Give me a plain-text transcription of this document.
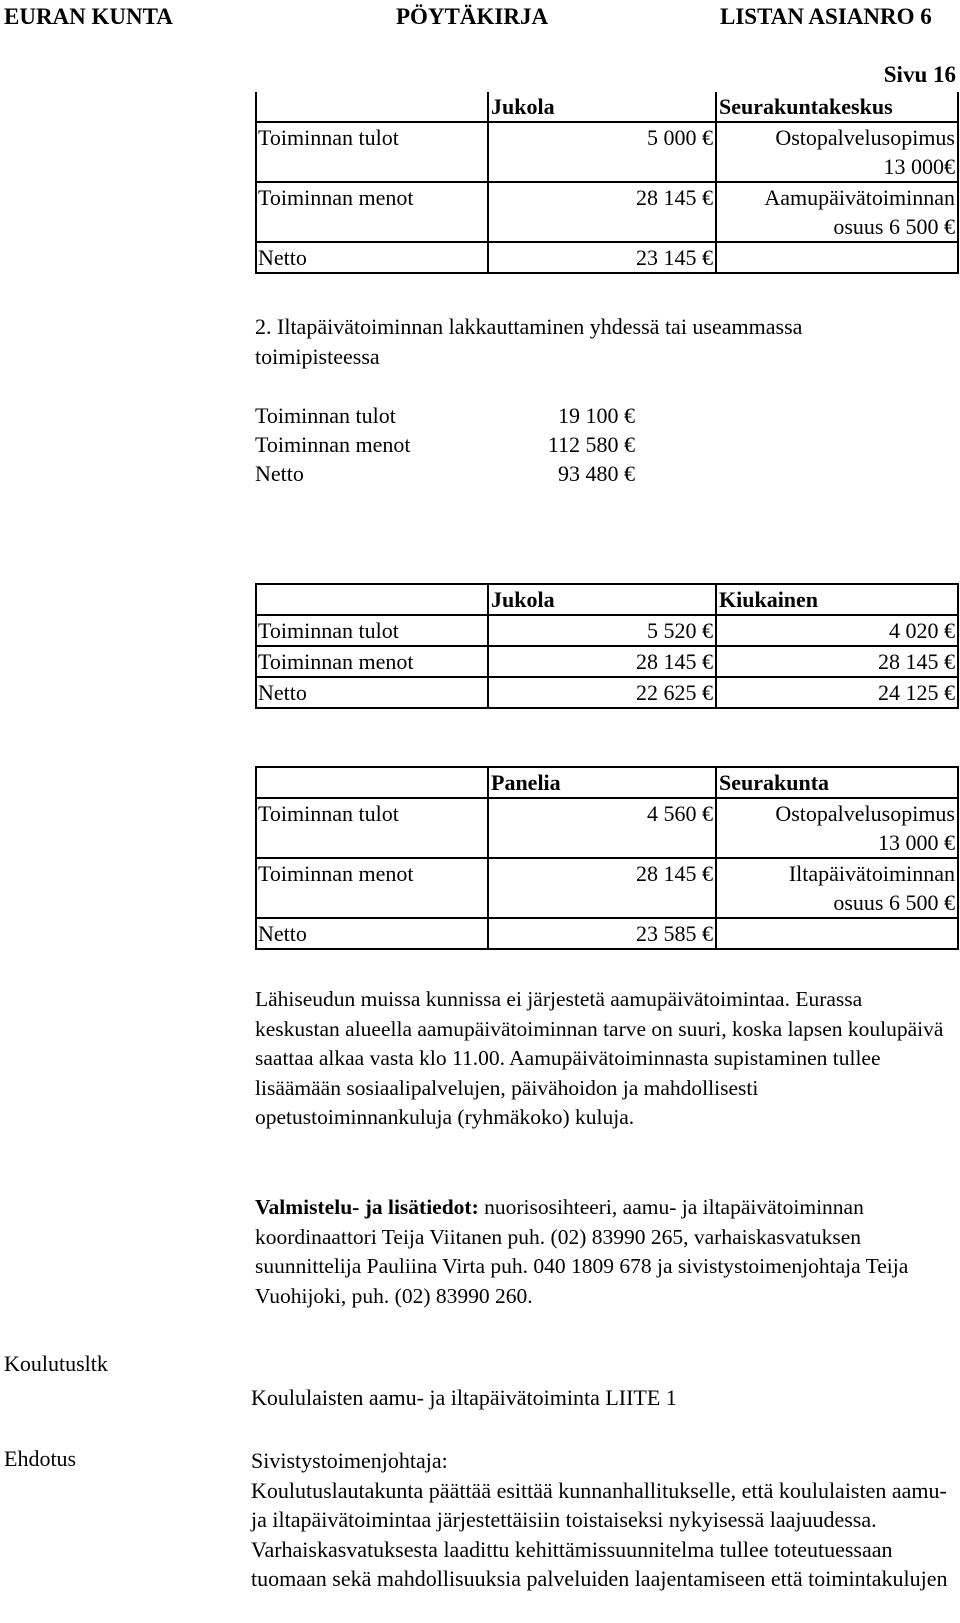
EURAN KUNTA	PÖYTÄKIRJA	LISTAN ASIANRO 6
Sivu 16
	Jukola	Seurakuntakeskus
Toiminnan tulot	5 000 €	Ostopalvelusopimus
13 000€

Toiminnan menot	28 145 €	Aamupäivätoiminnan
osuus 6 500 €

Netto	23 145 €	
2. Iltapäivätoiminnan lakkauttaminen yhdessä tai useammassa toimipisteessa
Toiminnan tulot	19 100 €
Toiminnan menot	112 580 €
Netto	93 480 €
	Jukola	Kiukainen
Toiminnan tulot	5 520 €	4 020 €
Toiminnan menot	28 145 €	28 145 €
Netto	22 625 €	24 125 €
	Panelia	Seurakunta
Toiminnan tulot	4 560 €	Ostopalvelusopimus
13 000 €

Toiminnan menot	28 145 €	Iltapäivätoiminnan
osuus 6 500 €

Netto	23 585 €	
Lähiseudun muissa kunnissa ei järjestetä aamupäivätoimintaa. Eurassa keskustan alueella aamupäivätoiminnan tarve on suuri, koska lapsen koulupäivä saattaa alkaa vasta klo 11.00. Aamupäivätoiminnasta supistaminen tullee lisäämään sosiaalipalvelujen, päivähoidon ja mahdollisesti opetustoiminnankuluja (ryhmäkoko) kuluja.
Valmistelu- ja lisätiedot: nuorisosihteeri, aamu- ja iltapäivätoiminnan koordinaattori Teija Viitanen puh. (02) 83990 265, varhaiskasvatuksen suunnittelija Pauliina Virta puh. 040 1809 678 ja sivistystoimenjohtaja Teija Vuohijoki, puh. (02) 83990 260.
Koulutusltk
Ehdotus
Koululaisten aamu- ja iltapäivätoiminta LIITE 1
Sivistystoimenjohtaja:
Koulutuslautakunta päättää esittää kunnanhallitukselle, että koululaisten aamu- ja iltapäivätoimintaa järjestettäisiin toistaiseksi nykyisessä laajuudessa. Varhaiskasvatuksesta laadittu kehittämissuunnitelma tullee toteutuessaan tuomaan sekä mahdollisuuksia palveluiden laajentamiseen että toimintakulujen
